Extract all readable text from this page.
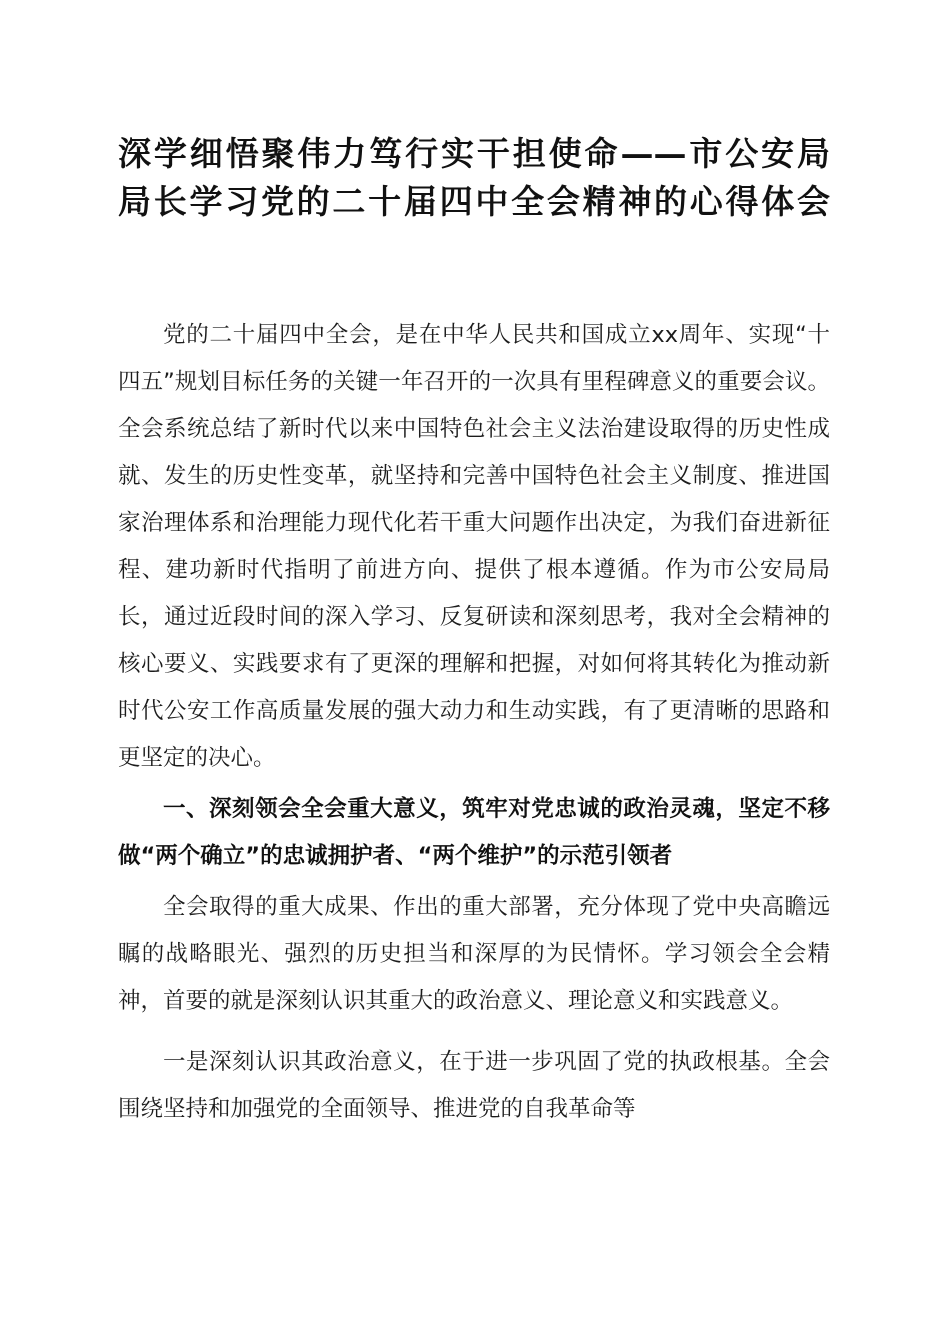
深学细悟聚伟力笃行实干担使命——市公安局
局长学习党的二十届四中全会精神的心得体会

党的二十届四中全会，是在中华人民共和国成立xx周年、实现“十四五”规划目标任务的关键一年召开的一次具有里程碑意义的重要会议。全会系统总结了新时代以来中国特色社会主义法治建设取得的历史性成就、发生的历史性变革，就坚持和完善中国特色社会主义制度、推进国家治理体系和治理能力现代化若干重大问题作出决定，为我们奋进新征程、建功新时代指明了前进方向、提供了根本遵循。作为市公安局局长，通过近段时间的深入学习、反复研读和深刻思考，我对全会精神的核心要义、实践要求有了更深的理解和把握，对如何将其转化为推动新时代公安工作高质量发展的强大动力和生动实践，有了更清晰的思路和更坚定的决心。

一、深刻领会全会重大意义，筑牢对党忠诚的政治灵魂，坚定不移做“两个确立”的忠诚拥护者、“两个维护”的示范引领者

全会取得的重大成果、作出的重大部署，充分体现了党中央高瞻远瞩的战略眼光、强烈的历史担当和深厚的为民情怀。学习领会全会精神，首要的就是深刻认识其重大的政治意义、理论意义和实践意义。

一是深刻认识其政治意义，在于进一步巩固了党的执政根基。全会围绕坚持和加强党的全面领导、推进党的自我革命等
